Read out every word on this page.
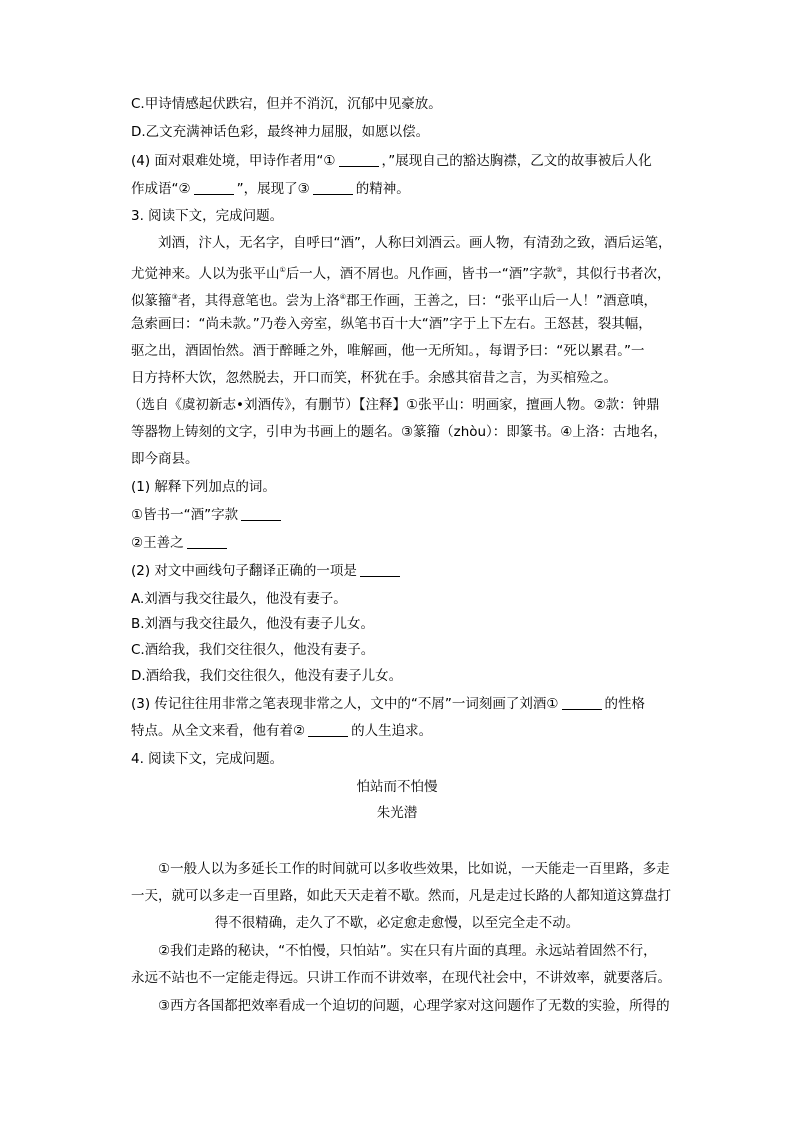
C.甲诗情感起伏跌宕，但并不消沉，沉郁中见豪放。
D.乙文充满神话色彩，最终神力屈服，如愿以偿。
(4) 面对艰难处境，甲诗作者用“①	，”展现自己的豁达胸襟，乙文的故事被后人化
作成语“②	”，展现了③	的精神。
3. 阅读下文，完成问题。
刘酒，汴人，无名字，自呼曰“酒”，人称曰刘酒云。画人物，有清劲之致，酒后运笔，
尤觉神来。人以为张平山①后一人，酒不屑也。凡作画，皆书一“酒”字款②，其似行书者次，
似篆籀③者，其得意笔也。尝为上洛④郡王作画，王善之，曰：“张平山后一人！”酒意嗔，
急索画曰：“尚未款。”乃卷入旁室，纵笔书百十大“酒”字于上下左右。王怒甚，裂其幅，
驱之出，酒固怡然。酒于醉睡之外，唯解画，他一无所知。，每谓予曰：“死以累君。”一
日方持杯大饮，忽然脱去，开口而笑，杯犹在手。余感其宿昔之言，为买棺殓之。
（选自《虞初新志•刘酒传》，有删节）【注释】①张平山：明画家，擅画人物。②款：钟鼎
等器物上铸刻的文字，引申为书画上的题名。③篆籀（zhòu）：即篆书。④上洛：古地名，
即今商县。
(1) 解释下列加点的词。
①皆书一“酒”字款
②王善之
(2) 对文中画线句子翻译正确的一项是
A.刘酒与我交往最久，他没有妻子。
B.刘酒与我交往最久，他没有妻子儿女。
C.酒给我，我们交往很久，他没有妻子。
D.酒给我，我们交往很久，他没有妻子儿女。
(3) 传记往往用非常之笔表现非常之人，文中的“不屑”一词刻画了刘酒①	的性格
特点。从全文来看，他有着②	的人生追求。
4. 阅读下文，完成问题。
怕站而不怕慢
朱光潜
①一般人以为多延长工作的时间就可以多收些效果，比如说，一天能走一百里路，多走
一天，就可以多走一百里路，如此天天走着不歇。然而，凡是走过长路的人都知道这算盘打
得不很精确，走久了不歇，必定愈走愈慢，以至完全走不动。
②我们走路的秘诀，“不怕慢，只怕站”。实在只有片面的真理。永远站着固然不行，
永远不站也不一定能走得远。只讲工作而不讲效率，在现代社会中，不讲效率，就要落后。
③西方各国都把效率看成一个迫切的问题，心理学家对这问题作了无数的实验，所得的
